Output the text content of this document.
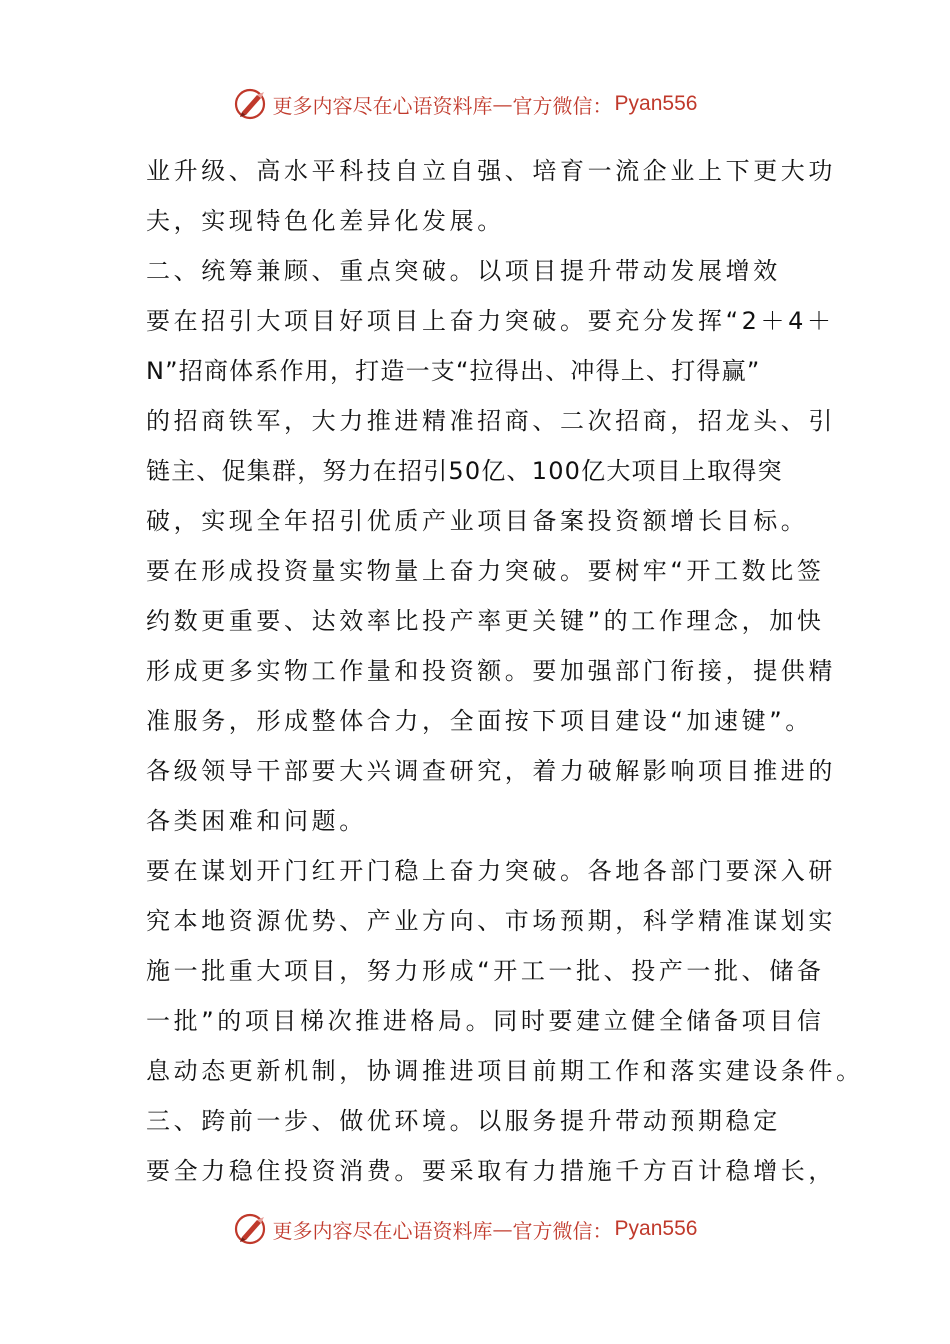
更多内容尽在心语资料库 — 官方微信： Pyan556
业升级、高水平科技自立自强、培育一流企业上下更大功
夫，实现特色化差异化发展。
二、统筹兼顾、重点突破。以项目提升带动发展增效
要在招引大项目好项目上奋力突破。要充分发挥“2＋4＋
N”招商体系作用，打造一支“拉得出、冲得上、打得赢”
的招商铁军，大力推进精准招商、二次招商，招龙头、引
链主、促集群，努力在招引50亿、100亿大项目上取得突
破，实现全年招引优质产业项目备案投资额增长目标。
要在形成投资量实物量上奋力突破。要树牢“开工数比签
约数更重要、达效率比投产率更关键”的工作理念，加快
形成更多实物工作量和投资额。要加强部门衔接，提供精
准服务，形成整体合力，全面按下项目建设“加速键”。
各级领导干部要大兴调查研究，着力破解影响项目推进的
各类困难和问题。
要在谋划开门红开门稳上奋力突破。各地各部门要深入研
究本地资源优势、产业方向、市场预期，科学精准谋划实
施一批重大项目，努力形成“开工一批、投产一批、储备
一批”的项目梯次推进格局。同时要建立健全储备项目信
息动态更新机制，协调推进项目前期工作和落实建设条件。
三、跨前一步、做优环境。以服务提升带动预期稳定
要全力稳住投资消费。要采取有力措施千方百计稳增长，
更多内容尽在心语资料库 — 官方微信： Pyan556
